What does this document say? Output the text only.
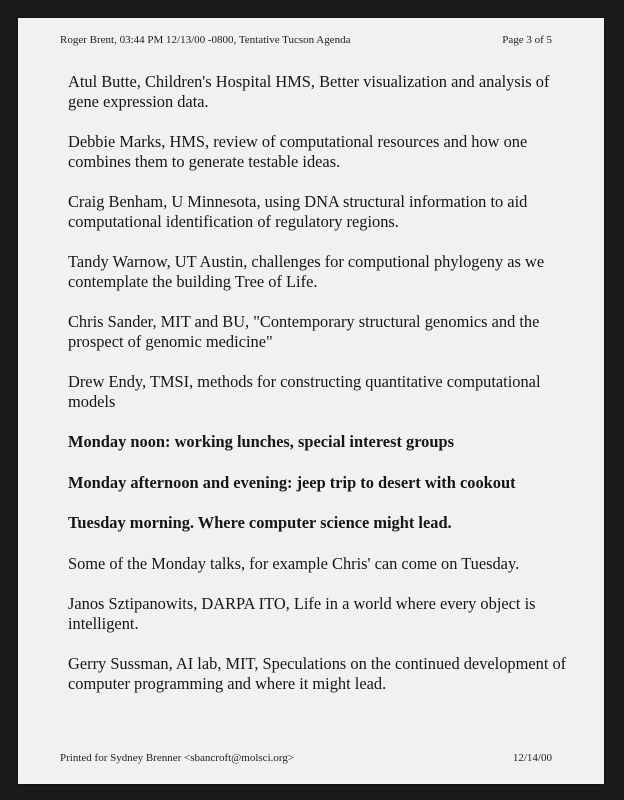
Roger Brent, 03:44 PM 12/13/00 -0800, Tentative Tucson Agenda	Page 3 of 5

Atul Butte, Children's Hospital HMS, Better visualization and analysis of gene expression data.

Debbie Marks, HMS, review of computational resources and how one combines them to generate testable ideas.

Craig Benham, U Minnesota, using DNA structural information to aid computational identification of regulatory regions.

Tandy Warnow, UT Austin, challenges for computional phylogeny as we contemplate the building Tree of Life.

Chris Sander, MIT and BU, "Contemporary structural genomics and the prospect of genomic medicine"

Drew Endy, TMSI, methods for constructing quantitative computational models

Monday noon: working lunches, special interest groups

Monday afternoon and evening: jeep trip to desert with cookout

Tuesday morning. Where computer science might lead.

Some of the Monday talks, for example Chris' can come on Tuesday.

Janos Sztipanowits, DARPA ITO, Life in a world where every object is intelligent.

Gerry Sussman, AI lab, MIT, Speculations on the continued development of computer programming and where it might lead.

Printed for Sydney Brenner <sbancroft@molsci.org>	12/14/00
